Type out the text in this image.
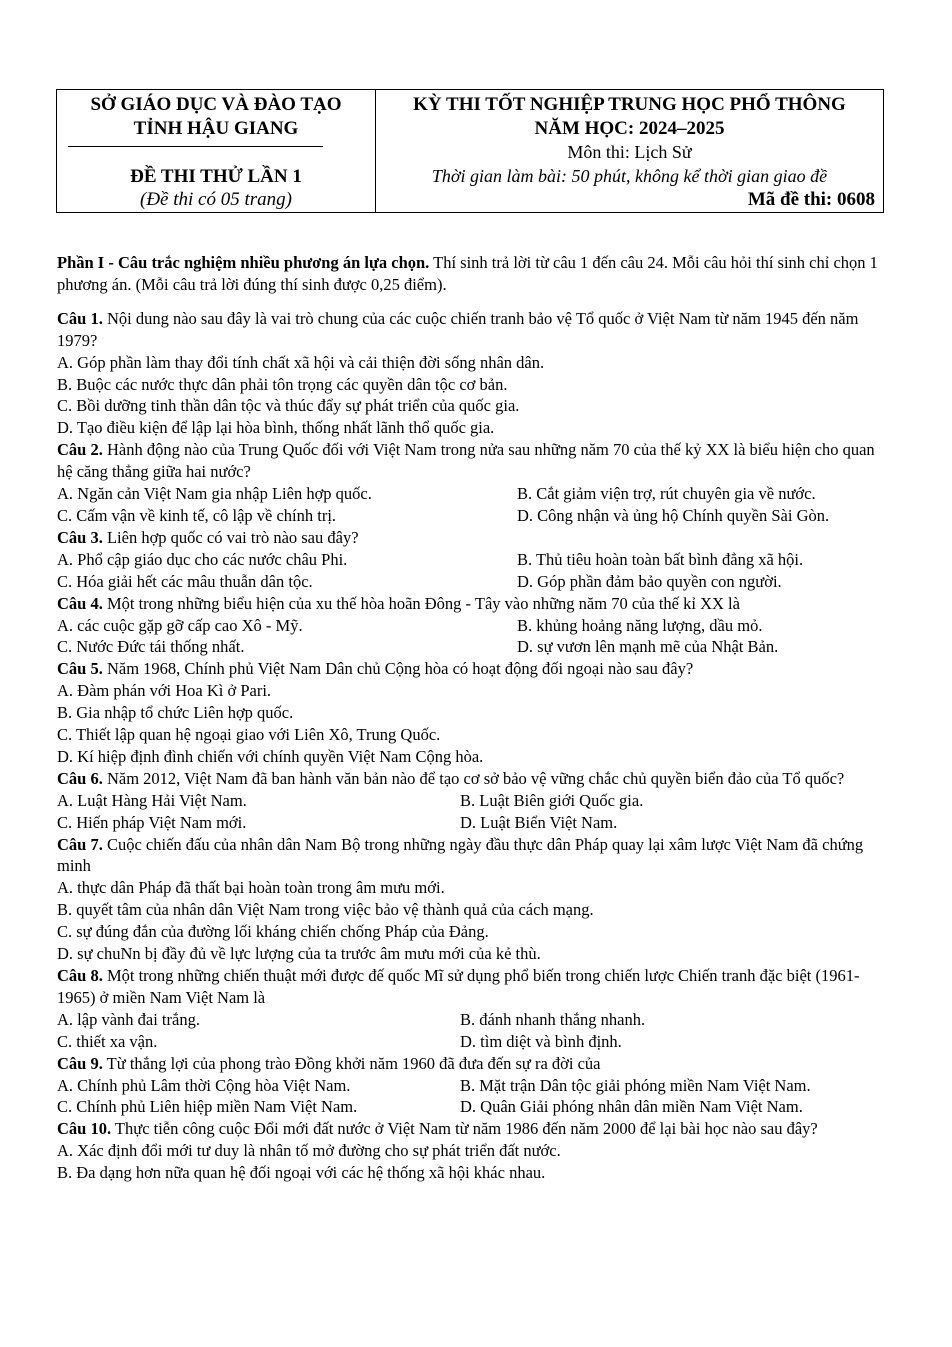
SỞ GIÁO DỤC VÀ ĐÀO TẠO
TỈNH HẬU GIANG
ĐỀ THI THỬ LẦN 1
(Đề thi có 05 trang)
KỲ THI TỐT NGHIỆP TRUNG HỌC PHỔ THÔNG
NĂM HỌC: 2024–2025
Môn thi: Lịch Sử
Thời gian làm bài: 50 phút, không kể thời gian giao đề
Mã đề thi: 0608

Phần I - Câu trắc nghiệm nhiều phương án lựa chọn. Thí sinh trả lời từ câu 1 đến câu 24. Mỗi câu hỏi thí sinh chỉ chọn 1 phương án. (Mỗi câu trả lời đúng thí sinh được 0,25 điểm).

Câu 1. Nội dung nào sau đây là vai trò chung của các cuộc chiến tranh bảo vệ Tổ quốc ở Việt Nam từ năm 1945 đến năm 1979?

A. Góp phần làm thay đổi tính chất xã hội và cải thiện đời sống nhân dân.

B. Buộc các nước thực dân phải tôn trọng các quyền dân tộc cơ bản.

C. Bồi dưỡng tinh thần dân tộc và thúc đẩy sự phát triển của quốc gia.

D. Tạo điều kiện để lập lại hòa bình, thống nhất lãnh thổ quốc gia.

Câu 2. Hành động nào của Trung Quốc đối với Việt Nam trong nửa sau những năm 70 của thế kỷ XX là biểu hiện cho quan hệ căng thẳng giữa hai nước?

A. Ngăn cản Việt Nam gia nhập Liên hợp quốc.	B. Cắt giảm viện trợ, rút chuyên gia về nước.
C. Cấm vận về kinh tế, cô lập về chính trị.	D. Công nhận và ủng hộ Chính quyền Sài Gòn.

Câu 3. Liên hợp quốc có vai trò nào sau đây?

A. Phổ cập giáo dục cho các nước châu Phi.	B. Thủ tiêu hoàn toàn bất bình đẳng xã hội.
C. Hóa giải hết các mâu thuẫn dân tộc.	D. Góp phần đảm bảo quyền con người.

Câu 4. Một trong những biểu hiện của xu thế hòa hoãn Đông - Tây vào những năm 70 của thế kỉ XX là

A. các cuộc gặp gỡ cấp cao Xô - Mỹ.	B. khủng hoảng năng lượng, dầu mỏ.
C. Nước Đức tái thống nhất.	D. sự vươn lên mạnh mẽ của Nhật Bản.

Câu 5. Năm 1968, Chính phủ Việt Nam Dân chủ Cộng hòa có hoạt động đối ngoại nào sau đây?

A. Đàm phán với Hoa Kì ở Pari.

B. Gia nhập tổ chức Liên hợp quốc.

C. Thiết lập quan hệ ngoại giao với Liên Xô, Trung Quốc.

D. Kí hiệp định đình chiến với chính quyền Việt Nam Cộng hòa.

Câu 6. Năm 2012, Việt Nam đã ban hành văn bản nào để tạo cơ sở bảo vệ vững chắc chủ quyền biển đảo của Tổ quốc?

A. Luật Hàng Hải Việt Nam.	B. Luật Biên giới Quốc gia.
C. Hiến pháp Việt Nam mới.	D. Luật Biển Việt Nam.

Câu 7. Cuộc chiến đấu của nhân dân Nam Bộ trong những ngày đầu thực dân Pháp quay lại xâm lược Việt Nam đã chứng minh

A. thực dân Pháp đã thất bại hoàn toàn trong âm mưu mới.

B. quyết tâm của nhân dân Việt Nam trong việc bảo vệ thành quả của cách mạng.

C. sự đúng đắn của đường lối kháng chiến chống Pháp của Đảng.

D. sự chuNn bị đầy đủ về lực lượng của ta trước âm mưu mới của kẻ thù.

Câu 8. Một trong những chiến thuật mới được đế quốc Mĩ sử dụng phổ biến trong chiến lược Chiến tranh đặc biệt (1961-1965) ở miền Nam Việt Nam là

A. lập vành đai trắng.	B. đánh nhanh thắng nhanh.
C. thiết xa vận.	D. tìm diệt và bình định.

Câu 9. Từ thắng lợi của phong trào Đồng khởi năm 1960 đã đưa đến sự ra đời của

A. Chính phủ Lâm thời Cộng hòa Việt Nam.	B. Mặt trận Dân tộc giải phóng miền Nam Việt Nam.
C. Chính phủ Liên hiệp miền Nam Việt Nam.	D. Quân Giải phóng nhân dân miền Nam Việt Nam.

Câu 10. Thực tiễn công cuộc Đổi mới đất nước ở Việt Nam từ năm 1986 đến năm 2000 để lại bài học nào sau đây?

A. Xác định đổi mới tư duy là nhân tố mở đường cho sự phát triển đất nước.

B. Đa dạng hơn nữa quan hệ đối ngoại với các hệ thống xã hội khác nhau.
